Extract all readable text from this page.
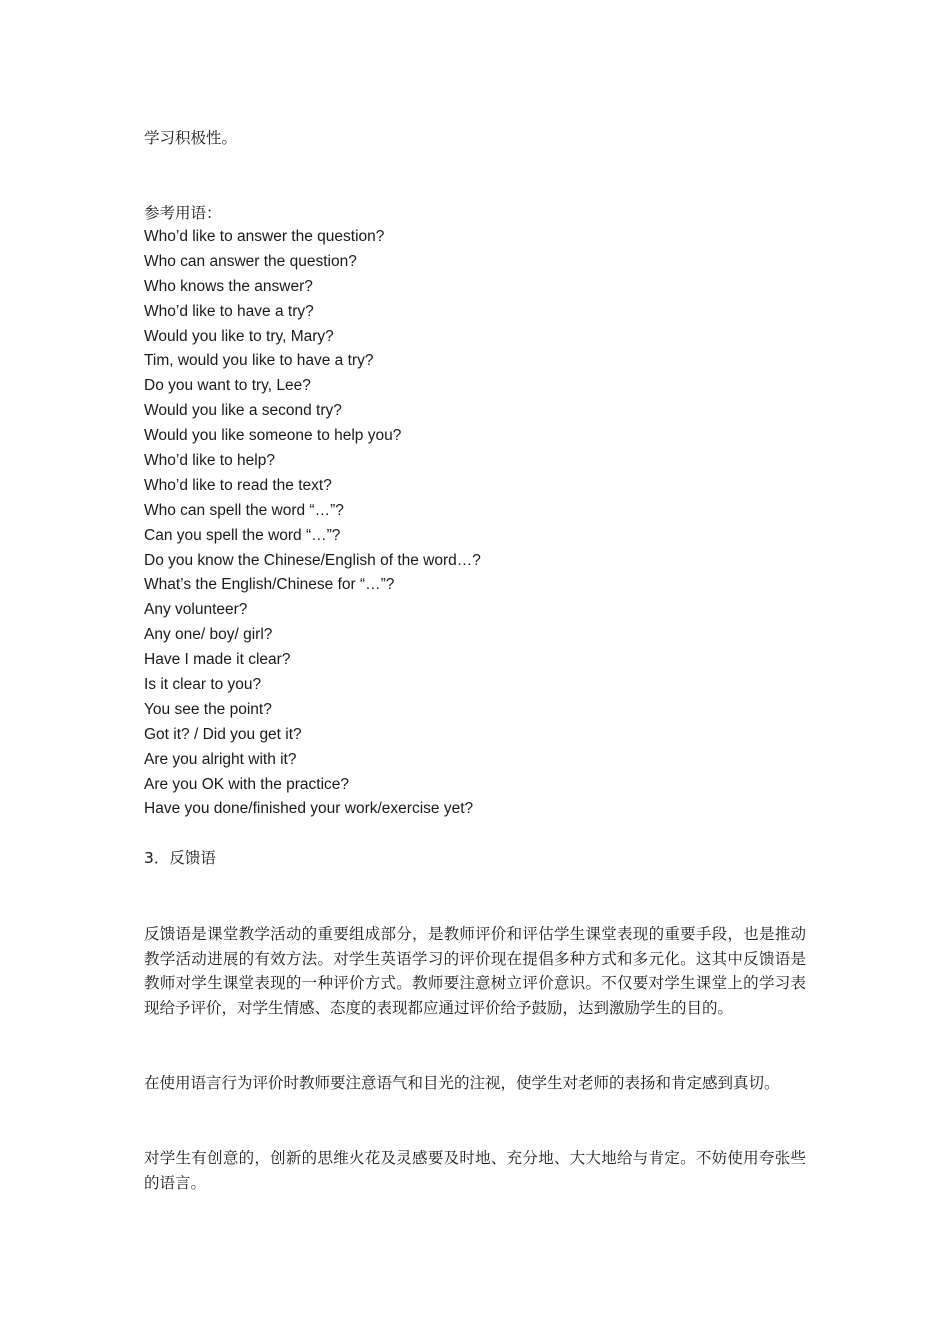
学习积极性。

参考用语：

Who’d like to answer the question?
Who can answer the question?
Who knows the answer?
Who’d like to have a try?
Would you like to try, Mary?
Tim, would you like to have a try?
Do you want to try, Lee?
Would you like a second try?
Would you like someone to help you?
Who’d like to help?
Who’d like to read the text?
Who can spell the word “…”?
Can you spell the word “…”?
Do you know the Chinese/English of the word…?
What’s the English/Chinese for “…”?
Any volunteer?
Any one/ boy/ girl?
Have I made it clear?
Is it clear to you?
You see the point?
Got it? / Did you get it?
Are you alright with it?
Are you OK with the practice?
Have you done/finished your work/exercise yet?

3．反馈语

反馈语是课堂教学活动的重要组成部分，是教师评价和评估学生课堂表现的重要手段，也是推动教学活动进展的有效方法。对学生英语学习的评价现在提倡多种方式和多元化。这其中反馈语是教师对学生课堂表现的一种评价方式。教师要注意树立评价意识。不仅要对学生课堂上的学习表现给予评价，对学生情感、态度的表现都应通过评价给予鼓励，达到激励学生的目的。

在使用语言行为评价时教师要注意语气和目光的注视，使学生对老师的表扬和肯定感到真切。

对学生有创意的，创新的思维火花及灵感要及时地、充分地、大大地给与肯定。不妨使用夸张些的语言。
